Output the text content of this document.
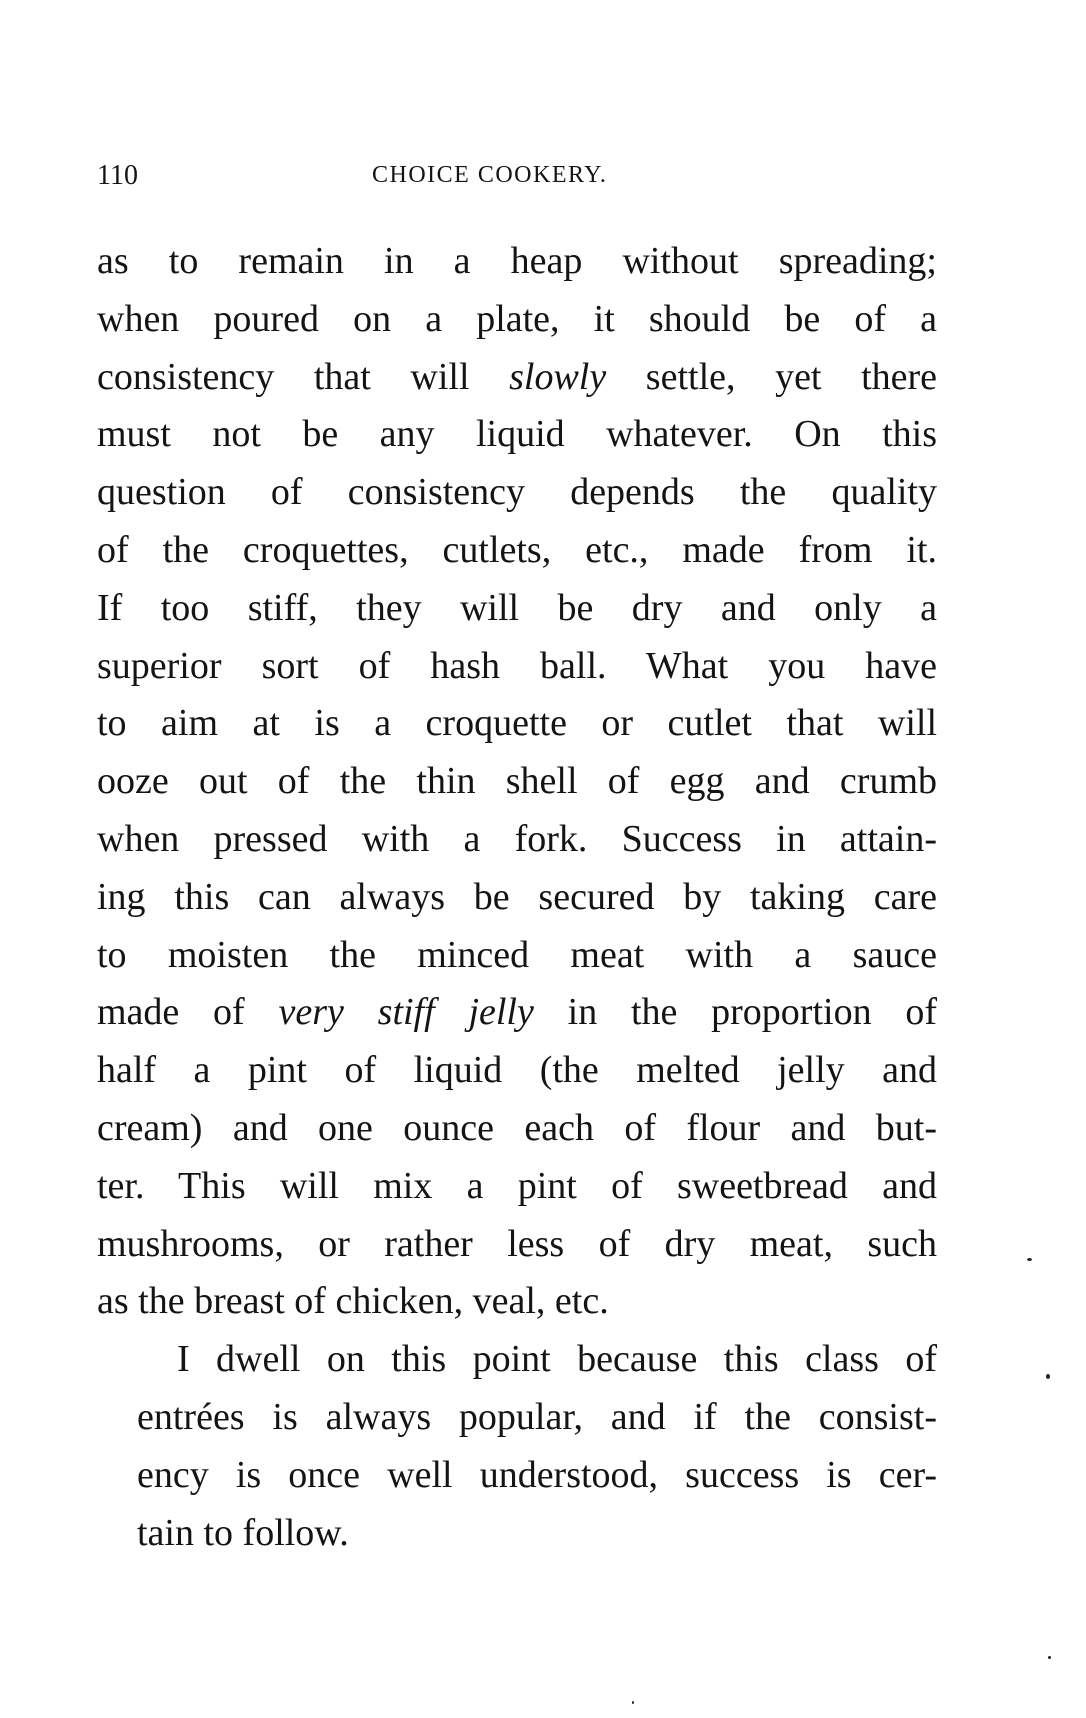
110	CHOICE COOKERY.

as to remain in a heap without spreading;
when poured on a plate, it should be of a
consistency that will slowly settle, yet there
must not be any liquid whatever. On this
question of consistency depends the quality
of the croquettes, cutlets, etc., made from it.
If too stiff, they will be dry and only a
superior sort of hash ball. What you have
to aim at is a croquette or cutlet that will
ooze out of the thin shell of egg and crumb
when pressed with a fork. Success in attain-
ing this can always be secured by taking care
to moisten the minced meat with a sauce
made of very stiff jelly in the proportion of
half a pint of liquid (the melted jelly and
cream) and one ounce each of flour and but-
ter. This will mix a pint of sweetbread and
mushrooms, or rather less of dry meat, such
as the breast of chicken, veal, etc.

I dwell on this point because this class of
entrées is always popular, and if the consist-
ency is once well understood, success is cer-
tain to follow.
